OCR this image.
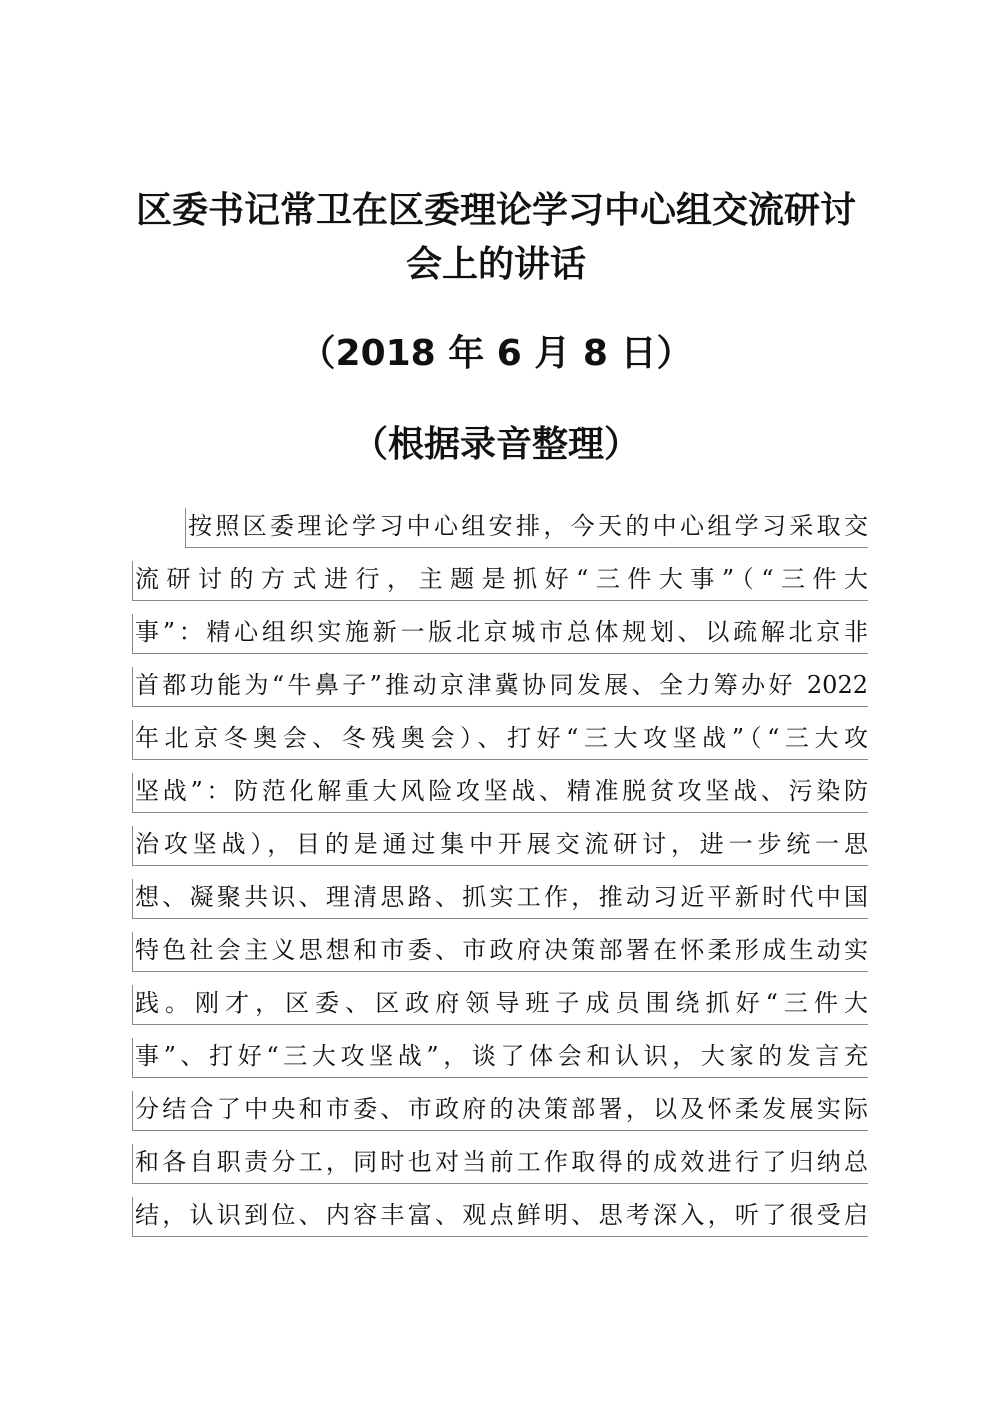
区委书记常卫在区委理论学习中心组交流研讨
会上的讲话
（2018 年 6 月 8 日）
（根据录音整理）
按照区委理论学习中心组安排，今天的中心组学习采取交
流研讨的方式进行，主题是抓好“三件大事”（“三件大
事”：精心组织实施新一版北京城市总体规划、以疏解北京非
首都功能为“牛鼻子”推动京津冀协同发展、全力筹办好 2022
年北京冬奥会、冬残奥会）、打好“三大攻坚战”（“三大攻
坚战”：防范化解重大风险攻坚战、精准脱贫攻坚战、污染防
治攻坚战），目的是通过集中开展交流研讨，进一步统一思
想、凝聚共识、理清思路、抓实工作，推动习近平新时代中国
特色社会主义思想和市委、市政府决策部署在怀柔形成生动实
践。刚才，区委、区政府领导班子成员围绕抓好“三件大
事”、打好“三大攻坚战”，谈了体会和认识，大家的发言充
分结合了中央和市委、市政府的决策部署，以及怀柔发展实际
和各自职责分工，同时也对当前工作取得的成效进行了归纳总
结，认识到位、内容丰富、观点鲜明、思考深入，听了很受启
